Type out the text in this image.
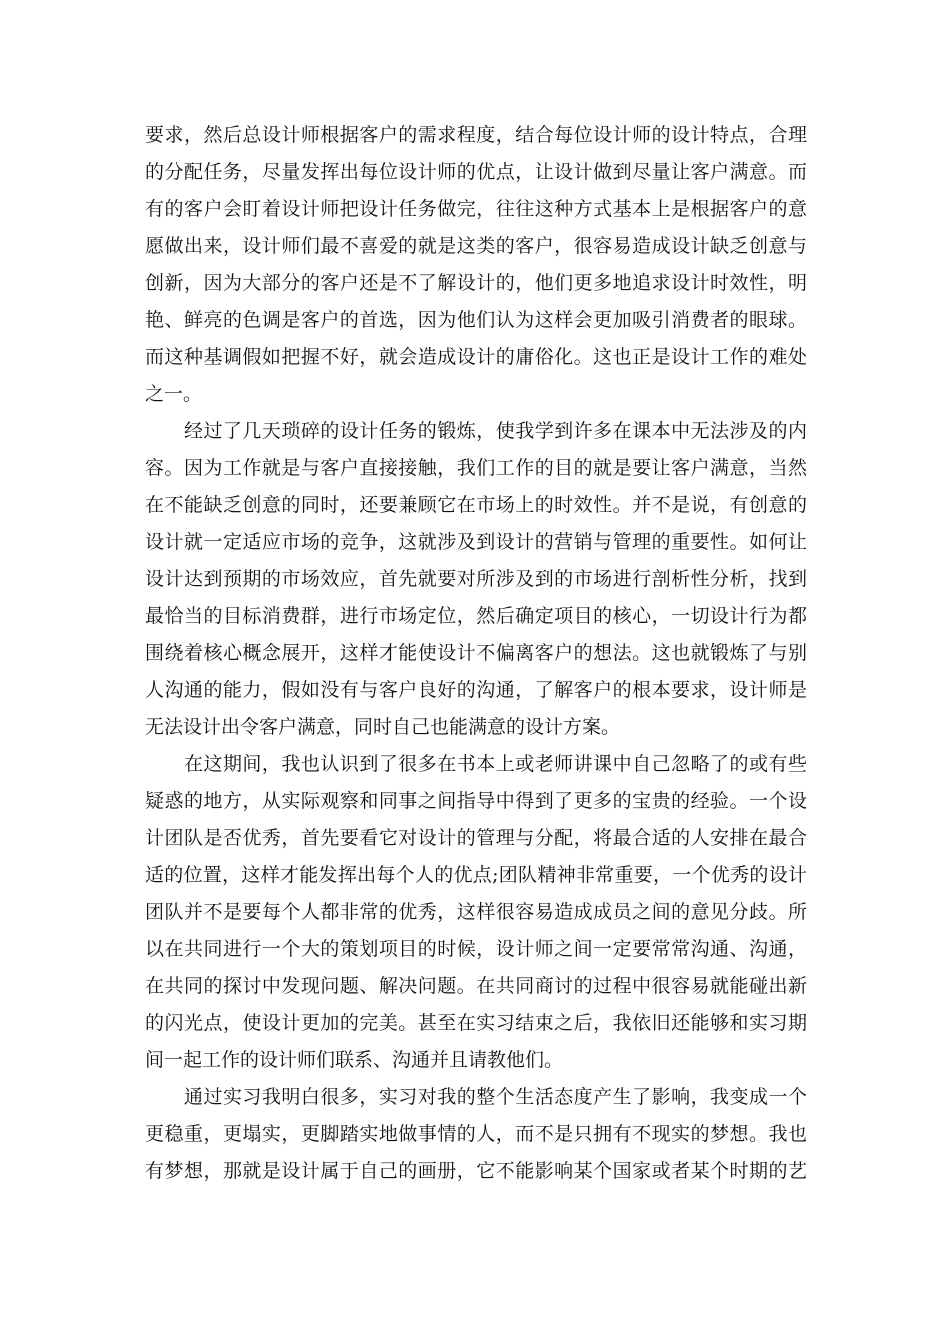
要求，然后总设计师根据客户的需求程度，结合每位设计师的设计特点，合理
的分配任务，尽量发挥出每位设计师的优点，让设计做到尽量让客户满意。而
有的客户会盯着设计师把设计任务做完，往往这种方式基本上是根据客户的意
愿做出来，设计师们最不喜爱的就是这类的客户，很容易造成设计缺乏创意与
创新，因为大部分的客户还是不了解设计的，他们更多地追求设计时效性，明
艳、鲜亮的色调是客户的首选，因为他们认为这样会更加吸引消费者的眼球。
而这种基调假如把握不好，就会造成设计的庸俗化。这也正是设计工作的难处
之一。
　　经过了几天琐碎的设计任务的锻炼，使我学到许多在课本中无法涉及的内
容。因为工作就是与客户直接接触，我们工作的目的就是要让客户满意，当然
在不能缺乏创意的同时，还要兼顾它在市场上的时效性。并不是说，有创意的
设计就一定适应市场的竞争，这就涉及到设计的营销与管理的重要性。如何让
设计达到预期的市场效应，首先就要对所涉及到的市场进行剖析性分析，找到
最恰当的目标消费群，进行市场定位，然后确定项目的核心，一切设计行为都
围绕着核心概念展开，这样才能使设计不偏离客户的想法。这也就锻炼了与别
人沟通的能力，假如没有与客户良好的沟通，了解客户的根本要求，设计师是
无法设计出令客户满意，同时自己也能满意的设计方案。
　　在这期间，我也认识到了很多在书本上或老师讲课中自己忽略了的或有些
疑惑的地方，从实际观察和同事之间指导中得到了更多的宝贵的经验。一个设
计团队是否优秀，首先要看它对设计的管理与分配，将最合适的人安排在最合
适的位置，这样才能发挥出每个人的优点;团队精神非常重要，一个优秀的设计
团队并不是要每个人都非常的优秀，这样很容易造成成员之间的意见分歧。所
以在共同进行一个大的策划项目的时候，设计师之间一定要常常沟通、沟通，
在共同的探讨中发现问题、解决问题。在共同商讨的过程中很容易就能碰出新
的闪光点，使设计更加的完美。甚至在实习结束之后，我依旧还能够和实习期
间一起工作的设计师们联系、沟通并且请教他们。
　　通过实习我明白很多，实习对我的整个生活态度产生了影响，我变成一个
更稳重，更塌实，更脚踏实地做事情的人，而不是只拥有不现实的梦想。我也
有梦想，那就是设计属于自己的画册，它不能影响某个国家或者某个时期的艺
